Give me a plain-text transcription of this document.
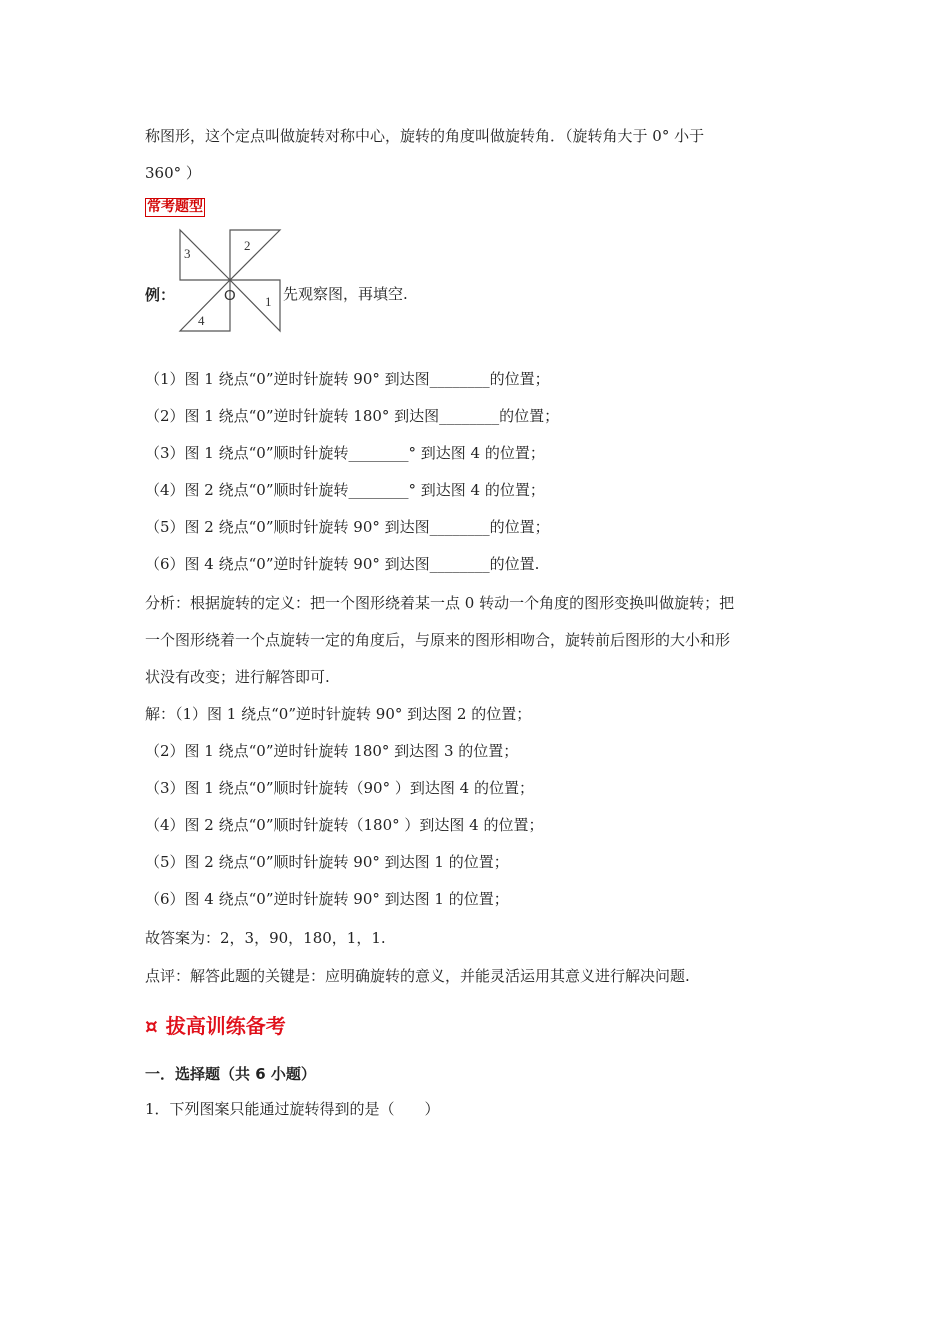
称图形，这个定点叫做旋转对称中心，旋转的角度叫做旋转角．（旋转角大于 0° 小于
360° ）
常考题型
例：	O 1
2
3
4
先观察图，再填空.
（1）图 1 绕点“0”逆时针旋转 90° 到达图________的位置；
（2）图 1 绕点“0”逆时针旋转 180° 到达图________的位置；
（3）图 1 绕点“0”顺时针旋转________° 到达图 4 的位置；
（4）图 2 绕点“0”顺时针旋转________° 到达图 4 的位置；
（5）图 2 绕点“0”顺时针旋转 90° 到达图________的位置；
（6）图 4 绕点“0”逆时针旋转 90° 到达图________的位置.
分析：根据旋转的定义：把一个图形绕着某一点 0 转动一个角度的图形变换叫做旋转；把
一个图形绕着一个点旋转一定的角度后，与原来的图形相吻合，旋转前后图形的大小和形
状没有改变；进行解答即可.
解：（1）图 1 绕点“0”逆时针旋转 90° 到达图 2 的位置；
（2）图 1 绕点“0”逆时针旋转 180° 到达图 3 的位置；
（3）图 1 绕点“0”顺时针旋转（90° ）到达图 4 的位置；
（4）图 2 绕点“0”顺时针旋转（180° ）到达图 4 的位置；
（5）图 2 绕点“0”顺时针旋转 90° 到达图 1 的位置；
（6）图 4 绕点“0”逆时针旋转 90° 到达图 1 的位置；
故答案为：2，3，90，180，1，1.
点评：解答此题的关键是：应明确旋转的意义，并能灵活运用其意义进行解决问题.
¤ 拔高训练备考
一．选择题（共 6 小题）
1．下列图案只能通过旋转得到的是（　　）
